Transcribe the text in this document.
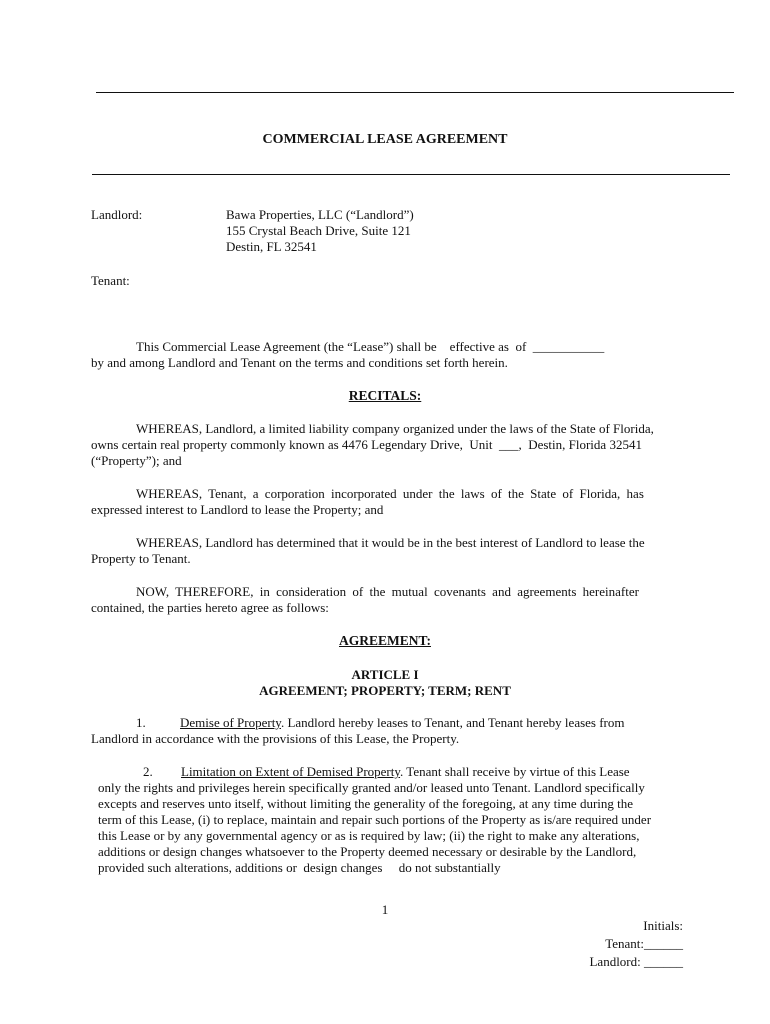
COMMERCIAL LEASE AGREEMENT
Landlord:	Bawa Properties, LLC (“Landlord”)
155 Crystal Beach Drive, Suite 121
Destin, FL 32541
Tenant:
This Commercial Lease Agreement (the “Lease”) shall be    effective as  of  ___________
by and among Landlord and Tenant on the terms and conditions set forth herein.
RECITALS:
WHEREAS, Landlord, a limited liability company organized under the laws of the State of Florida,
owns certain real property commonly known as 4476 Legendary Drive,  Unit  ___,  Destin, Florida 32541
(“Property”); and
WHEREAS, Tenant, a corporation incorporated under the laws of the State of Florida, has
expressed interest to Landlord to lease the Property; and
WHEREAS, Landlord has determined that it would be in the best interest of Landlord to lease the
Property to Tenant.
NOW, THEREFORE, in consideration of the mutual covenants and agreements hereinafter
contained, the parties hereto agree as follows:
AGREEMENT:
ARTICLE I
AGREEMENT; PROPERTY; TERM; RENT
1.	Demise of Property. Landlord hereby leases to Tenant, and Tenant hereby leases from
Landlord in accordance with the provisions of this Lease, the Property.
2. Limitation on Extent of Demised Property. Tenant shall receive by virtue of this Lease
only the rights and privileges herein specifically granted and/or leased unto Tenant. Landlord specifically
excepts and reserves unto itself, without limiting the generality of the foregoing, at any time during the
term of this Lease, (i) to replace, maintain and repair such portions of the Property as is/are required under
this Lease or by any governmental agency or as is required by law; (ii) the right to make any alterations,
additions or design changes whatsoever to the Property deemed necessary or desirable by the Landlord,
provided such alterations, additions or  design changes     do not substantially
1
Initials:
Tenant:______
Landlord: ______
